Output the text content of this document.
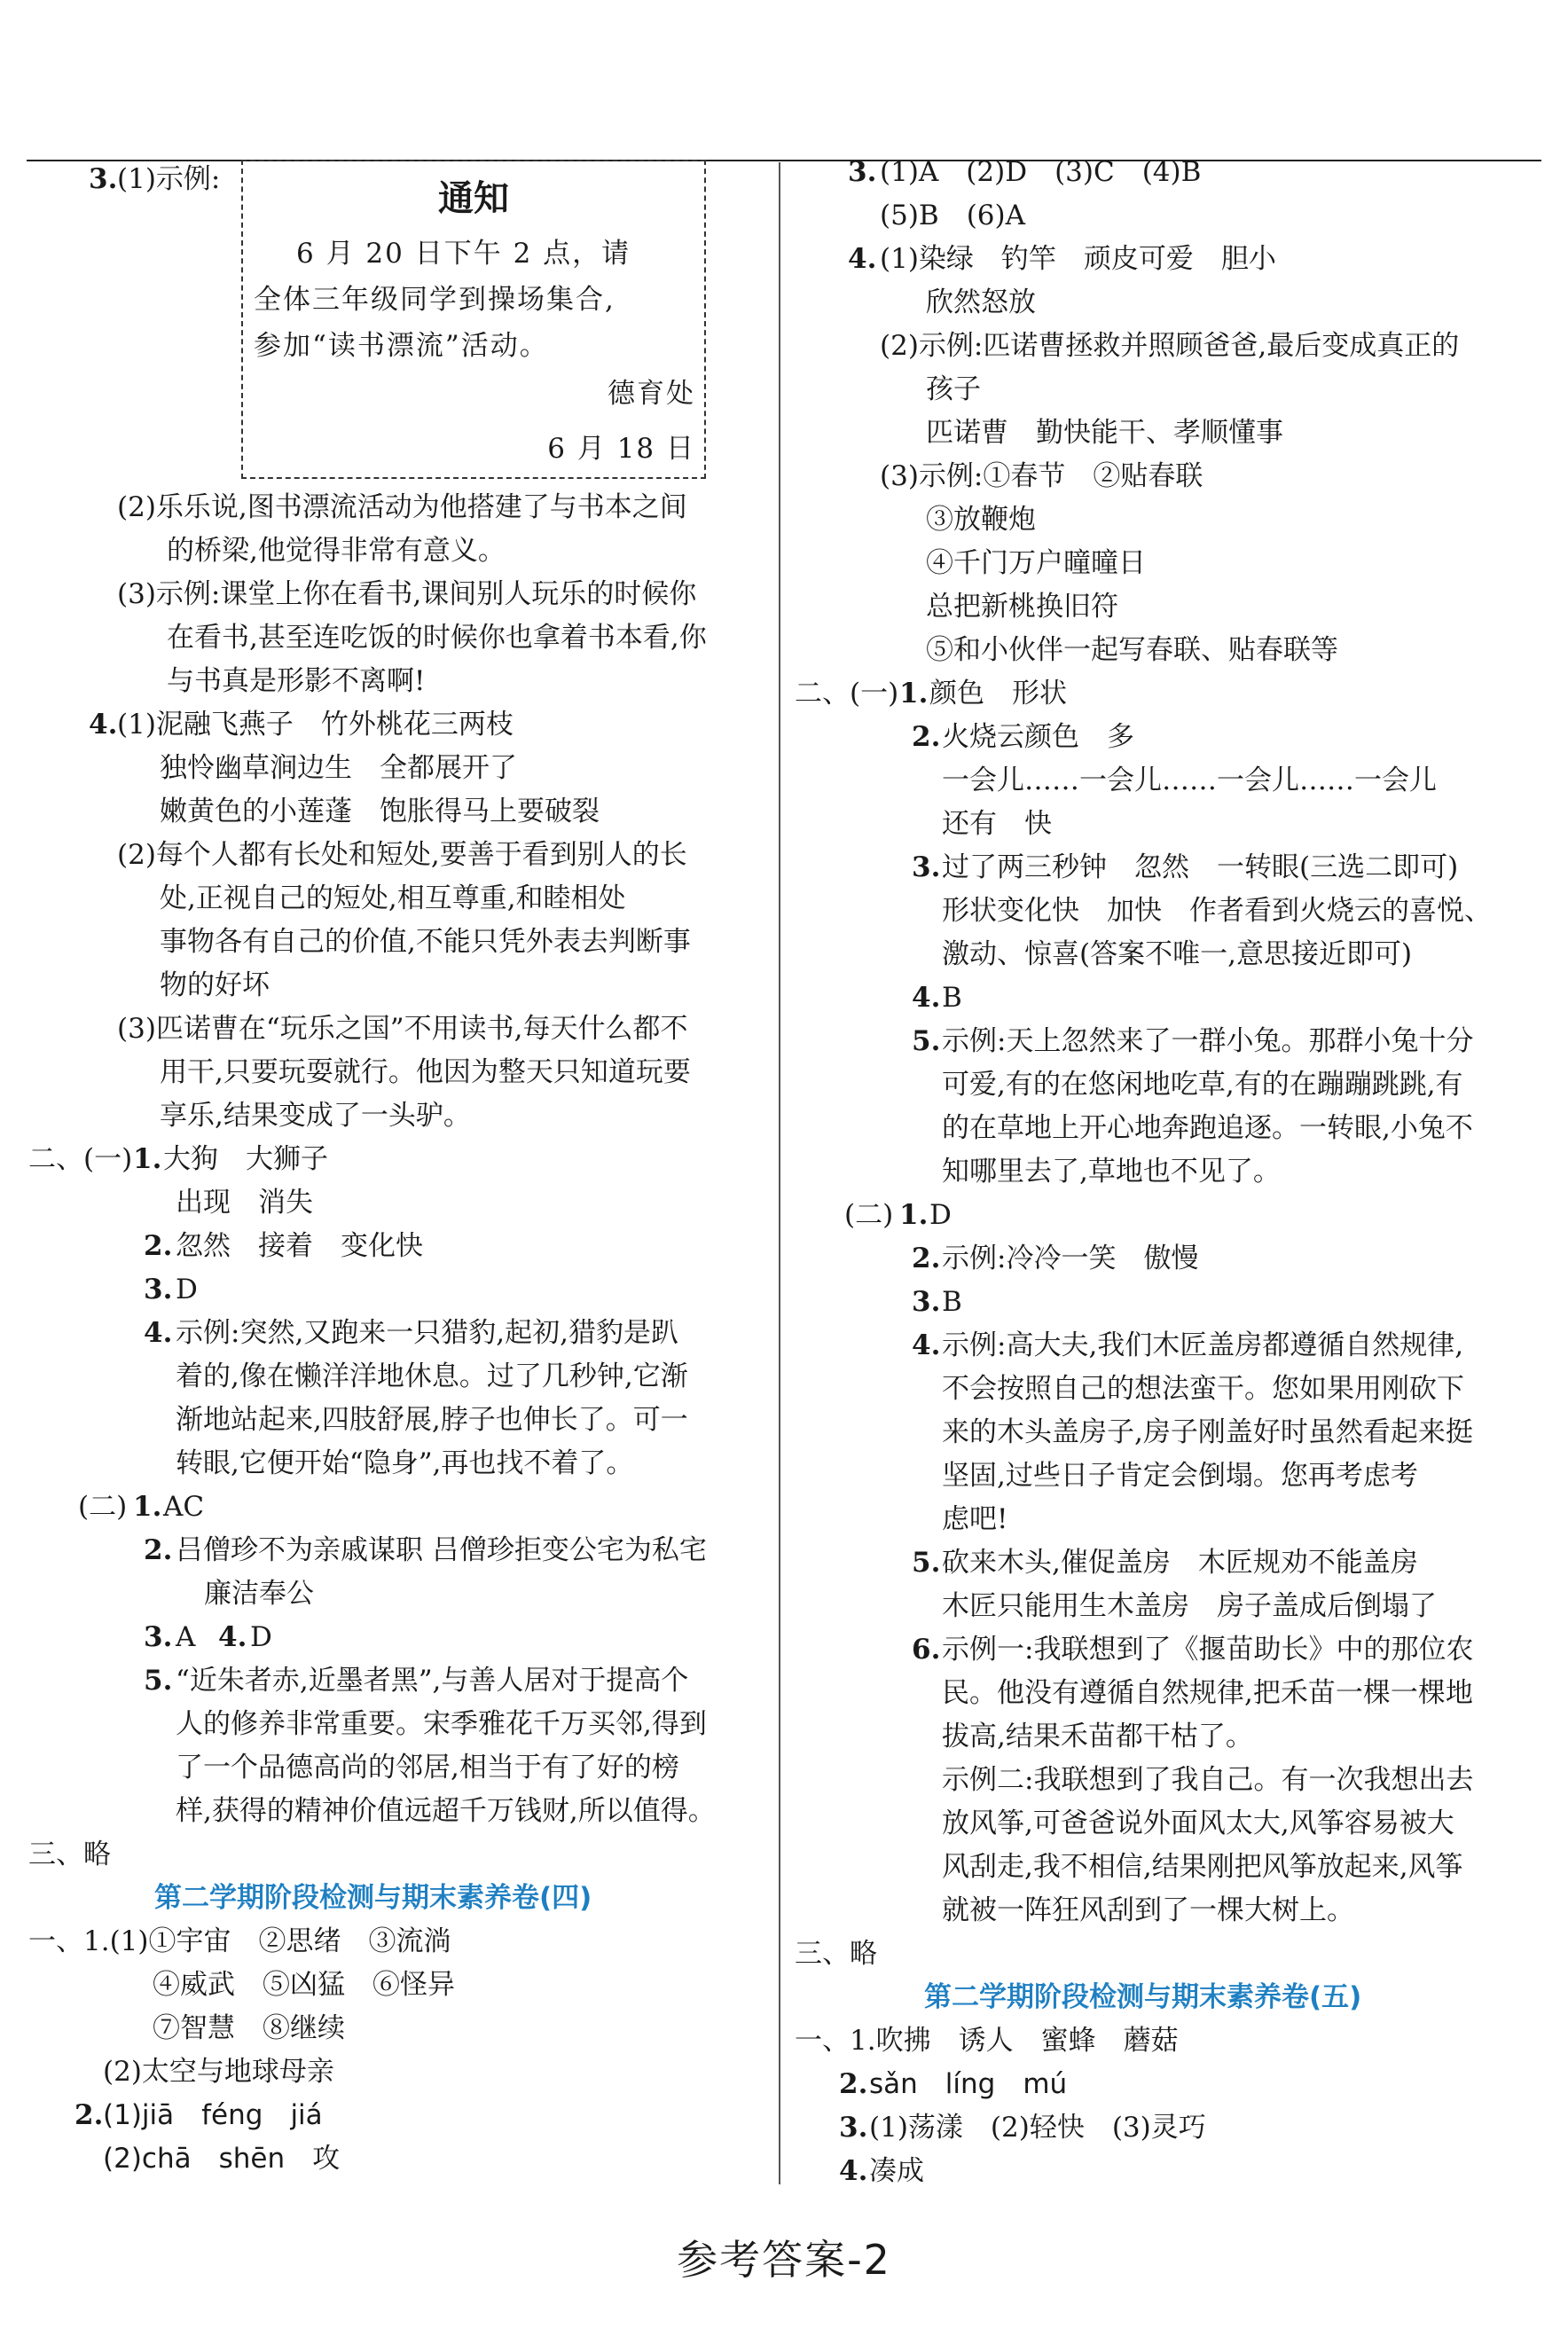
3. (1)示例:	通知
6 月 20 日下午 2 点，请
全体三年级同学到操场集合,
参加“读书漂流”活动。
德育处
6 月 18 日
(2)乐乐说,图书漂流活动为他搭建了与书本之间
的桥梁,他觉得非常有意义。
(3)示例:课堂上你在看书,课间别人玩乐的时候你
在看书,甚至连吃饭的时候你也拿着书本看,你
与书真是形影不离啊!
4. (1)泥融飞燕子　竹外桃花三两枝
独怜幽草涧边生　全都展开了
嫩黄色的小莲蓬　饱胀得马上要破裂
(2)每个人都有长处和短处,要善于看到别人的长
处,正视自己的短处,相互尊重,和睦相处
事物各有自己的价值,不能只凭外表去判断事
物的好坏
(3)匹诺曹在“玩乐之国”不用读书,每天什么都不
用干,只要玩耍就行。他因为整天只知道玩要
享乐,结果变成了一头驴。
二、(一) 1. 大狗　大狮子
出现　消失
2. 忽然　接着　变化快
3. D
4. 示例:突然,又跑来一只猎豹,起初,猎豹是趴
着的,像在懒洋洋地休息。过了几秒钟,它渐
渐地站起来,四肢舒展,脖子也伸长了。可一
转眼,它便开始“隐身”,再也找不着了。
(二) 1. AC
2. 吕僧珍不为亲戚谋职 吕僧珍拒变公宅为私宅
廉洁奉公
3. A 4. D
5. “近朱者赤,近墨者黑”,与善人居对于提高个
人的修养非常重要。宋季雅花千万买邻,得到
了一个品德高尚的邻居,相当于有了好的榜
样,获得的精神价值远超千万钱财,所以值得。
三、略
第二学期阶段检测与期末素养卷(四)
一、1.(1)①宇宙　②思绪　③流淌
④威武　⑤凶猛　⑥怪异
⑦智慧　⑧继续
(2)太空与地球母亲
2. (1)jiā　féng　jiá
(2)chā　shēn　攻
3. (1)A　(2)D　(3)C　(4)B
(5)B　(6)A
4. (1)染绿　钓竿　顽皮可爱　胆小
欣然怒放
(2)示例:匹诺曹拯救并照顾爸爸,最后变成真正的
孩子
匹诺曹　勤快能干、孝顺懂事
(3)示例:①春节　②贴春联
③放鞭炮
④千门万户曈曈日
总把新桃换旧符
⑤和小伙伴一起写春联、贴春联等
二、(一) 1. 颜色　形状
2. 火烧云颜色　多
一会儿……一会儿……一会儿……一会儿
还有　快
3. 过了两三秒钟　忽然　一转眼(三选二即可)
形状变化快　加快　作者看到火烧云的喜悦、
激动、惊喜(答案不唯一,意思接近即可)
4. B
5. 示例:天上忽然来了一群小兔。那群小兔十分
可爱,有的在悠闲地吃草,有的在蹦蹦跳跳,有
的在草地上开心地奔跑追逐。一转眼,小兔不
知哪里去了,草地也不见了。
(二) 1. D
2. 示例:冷冷一笑　傲慢
3. B
4. 示例:高大夫,我们木匠盖房都遵循自然规律,
不会按照自己的想法蛮干。您如果用刚砍下
来的木头盖房子,房子刚盖好时虽然看起来挺
坚固,过些日子肯定会倒塌。您再考虑考
虑吧!
5. 砍来木头,催促盖房　木匠规劝不能盖房
木匠只能用生木盖房　房子盖成后倒塌了
6. 示例一:我联想到了《揠苗助长》中的那位农
民。他没有遵循自然规律,把禾苗一棵一棵地
拔高,结果禾苗都干枯了。
示例二:我联想到了我自己。有一次我想出去
放风筝,可爸爸说外面风太大,风筝容易被大
风刮走,我不相信,结果刚把风筝放起来,风筝
就被一阵狂风刮到了一棵大树上。
三、略
第二学期阶段检测与期末素养卷(五)
一、1.吹拂　诱人　蜜蜂　蘑菇
2. sǎn　líng　mú
3. (1)荡漾　(2)轻快　(3)灵巧
4. 凑成
参考答案-2
